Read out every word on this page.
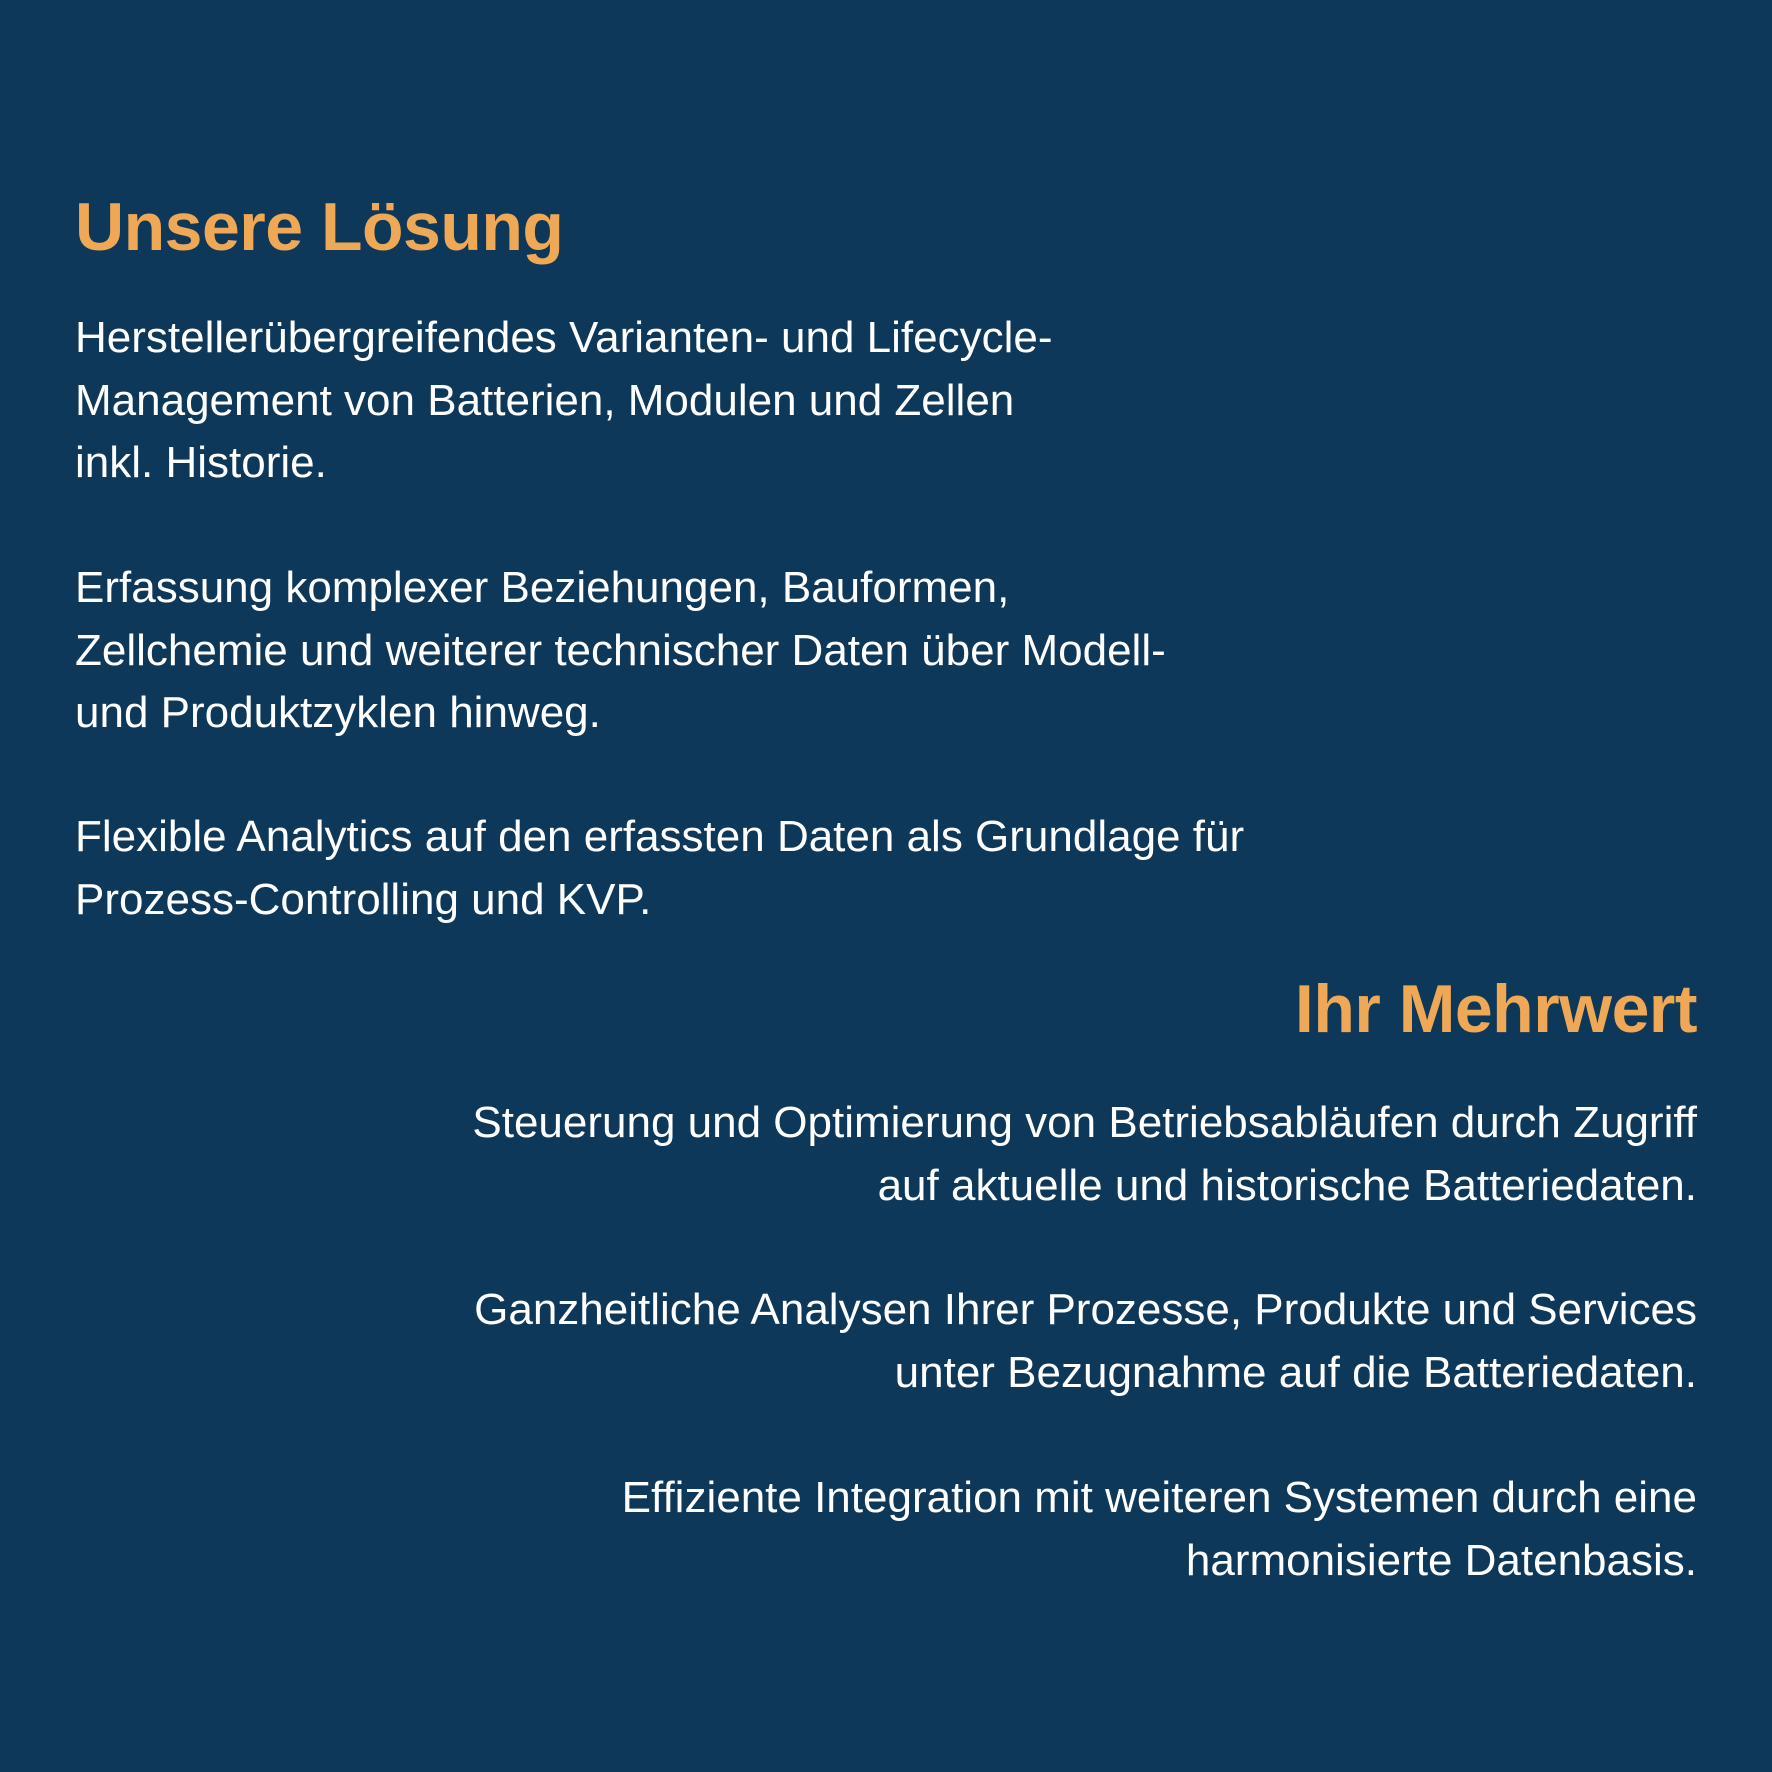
Unsere Lösung

Herstellerübergreifendes Varianten- und Lifecycle-
Management von Batterien, Modulen und Zellen
inkl. Historie.

Erfassung komplexer Beziehungen, Bauformen,
Zellchemie und weiterer technischer Daten über Modell-
und Produktzyklen hinweg.

Flexible Analytics auf den erfassten Daten als Grundlage für
Prozess-Controlling und KVP.

Ihr Mehrwert

Steuerung und Optimierung von Betriebsabläufen durch Zugriff
auf aktuelle und historische Batteriedaten.

Ganzheitliche Analysen Ihrer Prozesse, Produkte und Services
unter Bezugnahme auf die Batteriedaten.

Effiziente Integration mit weiteren Systemen durch eine
harmonisierte Datenbasis.
